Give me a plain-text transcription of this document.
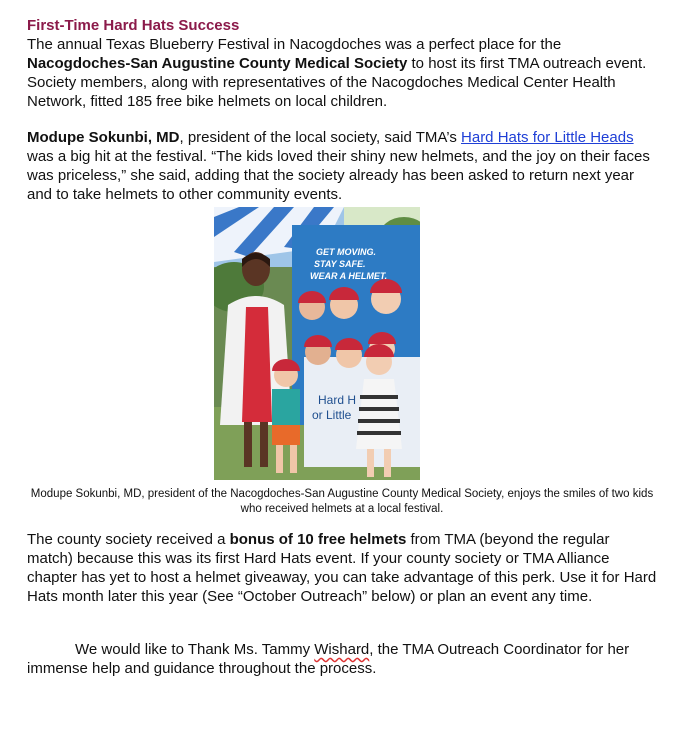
First-Time Hard Hats Success
The annual Texas Blueberry Festival in Nacogdoches was a perfect place for the Nacogdoches-San Augustine County Medical Society to host its first TMA outreach event. Society members, along with representatives of the Nacogdoches Medical Center Health Network, fitted 185 free bike helmets on local children.
Modupe Sokunbi, MD, president of the local society, said TMA’s Hard Hats for Little Heads was a big hit at the festival. “The kids loved their shiny new helmets, and the joy on their faces was priceless,” she said, adding that the society already has been asked to return next year and to take helmets to other community events.
GET MOVING.
STAY SAFE.
WEAR A HELMET.
Hard H
or Little
Modupe Sokunbi, MD, president of the Nacogdoches-San Augustine County Medical Society, enjoys the smiles of two kids who received helmets at a local festival.
The county society received a bonus of 10 free helmets from TMA (beyond the regular match) because this was its first Hard Hats event. If your county society or TMA Alliance chapter has yet to host a helmet giveaway, you can take advantage of this perk. Use it for Hard Hats month later this year (See “October Outreach” below) or plan an event any time.
We would like to Thank Ms. Tammy Wishard, the TMA Outreach Coordinator for her immense help and guidance throughout the process.
